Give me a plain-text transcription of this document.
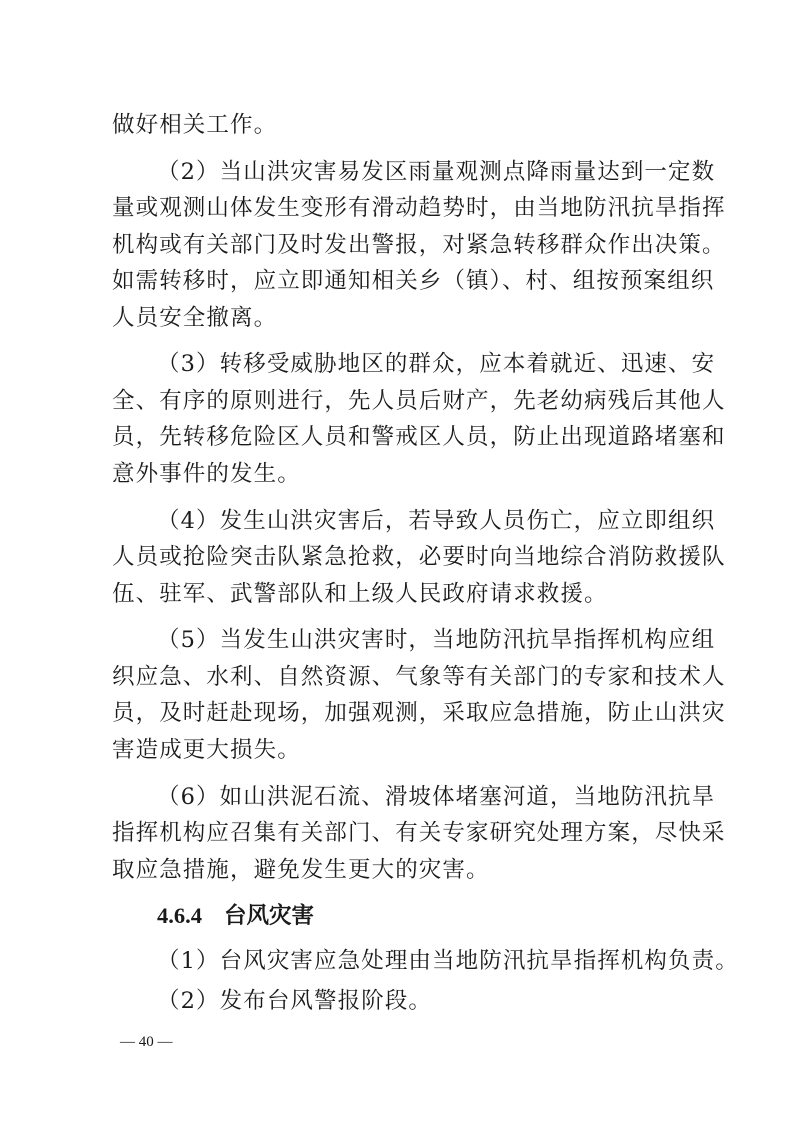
做好相关工作。
（2）当山洪灾害易发区雨量观测点降雨量达到一定数
量或观测山体发生变形有滑动趋势时，由当地防汛抗旱指挥
机构或有关部门及时发出警报，对紧急转移群众作出决策。
如需转移时，应立即通知相关乡（镇）、村、组按预案组织
人员安全撤离。
（3）转移受威胁地区的群众，应本着就近、迅速、安
全、有序的原则进行，先人员后财产，先老幼病残后其他人
员，先转移危险区人员和警戒区人员，防止出现道路堵塞和
意外事件的发生。
（4）发生山洪灾害后，若导致人员伤亡，应立即组织
人员或抢险突击队紧急抢救，必要时向当地综合消防救援队
伍、驻军、武警部队和上级人民政府请求救援。
（5）当发生山洪灾害时，当地防汛抗旱指挥机构应组
织应急、水利、自然资源、气象等有关部门的专家和技术人
员，及时赶赴现场，加强观测，采取应急措施，防止山洪灾
害造成更大损失。
（6）如山洪泥石流、滑坡体堵塞河道，当地防汛抗旱
指挥机构应召集有关部门、有关专家研究处理方案，尽快采
取应急措施，避免发生更大的灾害。
4.6.4 台风灾害
（1）台风灾害应急处理由当地防汛抗旱指挥机构负责。
（2）发布台风警报阶段。
— 40 —
